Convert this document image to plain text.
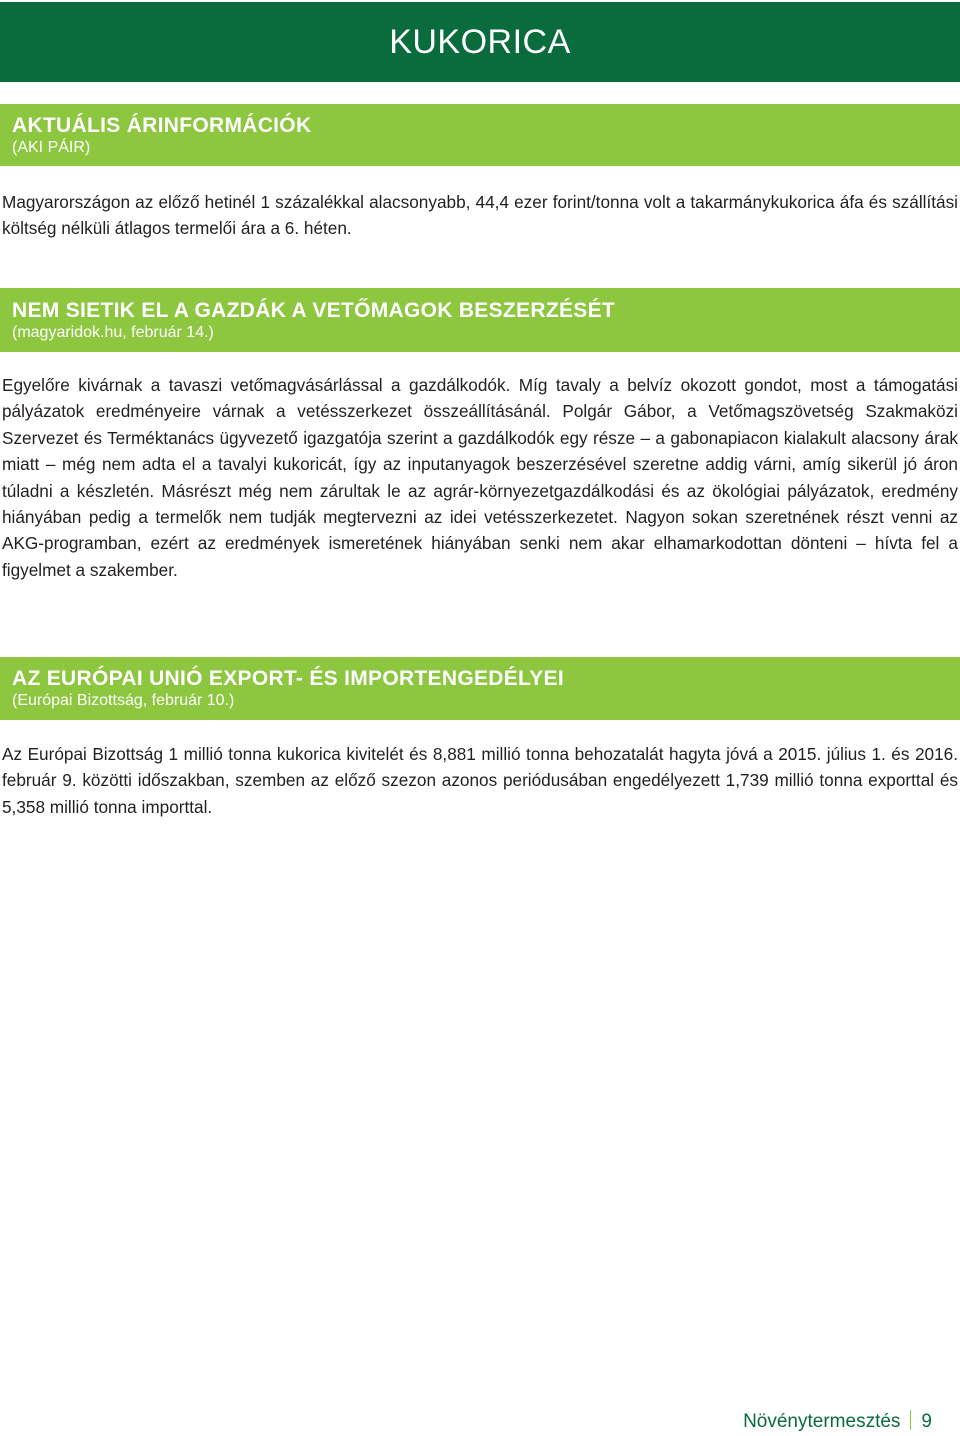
KUKORICA

AKTUÁLIS ÁRINFORMÁCIÓK

(AKI PÁIR)

Magyarországon az előző hetinél 1 százalékkal alacsonyabb, 44,4 ezer forint/tonna volt a takarmánykukorica áfa és szállítási költség nélküli átlagos termelői ára a 6. héten.

NEM SIETIK EL A GAZDÁK A VETŐMAGOK BESZERZÉSÉT

(magyaridok.hu, február 14.)

Egyelőre kivárnak a tavaszi vetőmagvásárlással a gazdálkodók. Míg tavaly a belvíz okozott gondot, most a támogatási pályázatok eredményeire várnak a vetésszerkezet összeállításánál. Polgár Gábor, a Vetőmagszövetség Szakmaközi Szervezet és Terméktanács ügyvezető igazgatója szerint a gazdálkodók egy része – a gabonapiacon kialakult alacsony árak miatt – még nem adta el a tavalyi kukoricát, így az inputanyagok beszerzésével szeretne addig várni, amíg sikerül jó áron túladni a készletén. Másrészt még nem zárultak le az agrár-környezetgazdálkodási és az ökológiai pályázatok, eredmény hiányában pedig a termelők nem tudják megtervezni az idei vetésszerkezetet. Nagyon sokan szeretnének részt venni az AKG-programban, ezért az eredmények ismeretének hiányában senki nem akar elhamarkodottan dönteni – hívta fel a figyelmet a szakember.

AZ EURÓPAI UNIÓ EXPORT- ÉS IMPORTENGEDÉLYEI

(Európai Bizottság, február 10.)

Az Európai Bizottság 1 millió tonna kukorica kivitelét és 8,881 millió tonna behozatalát hagyta jóvá a 2015. július 1. és 2016. február 9. közötti időszakban, szemben az előző szezon azonos periódusában engedélyezett 1,739 millió tonna exporttal és 5,358 millió tonna importtal.

Növénytermesztés 9
